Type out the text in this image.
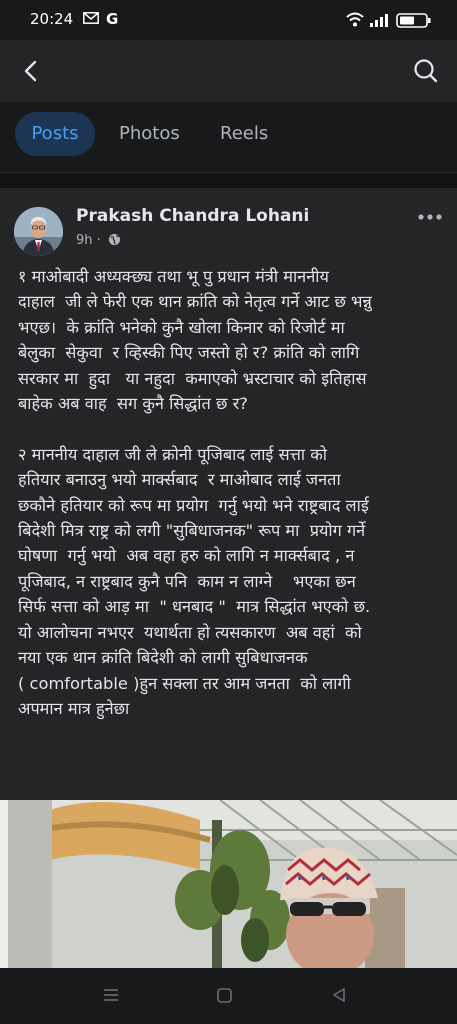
20:24 G
Posts	Photos Reels
Prakash Chandra Lohani
9h ·
१ माओबादी अध्यक्छ्य तथा भू पु प्रधान मंत्री माननीय
दाहाल  जी ले फेरी एक थान क्रांति को नेतृत्व गर्ने आट छ भन्नु
भएछ।  के क्रांति भनेको कुनै खोला किनार को रिजोर्ट मा
बेलुका  सेकुवा  र व्हिस्की पिए जस्तो हो र? क्रांति को लागि
सरकार मा  हुदा   या नहुदा  कमाएको भ्रस्टाचार को इतिहास
बाहेक अब वाह  सग कुनै सिद्धांत छ र?

२ माननीय दाहाल जी ले क्रोनी पूजिबाद लाई सत्ता को
हतियार बनाउनु भयो मार्क्सबाद  र माओबाद लाई जनता
छकौने हतियार को रूप मा प्रयोग  गर्नु भयो भने राष्ट्रबाद लाई
बिदेशी मित्र राष्ट्र को लगी "सुबिधाजनक" रूप मा  प्रयोग गर्ने
घोषणा  गर्नु भयो  अब वहा हरु को लागि न मार्क्सबाद , न
पूजिबाद, न राष्ट्रबाद कुनै पनि  काम न लाग्ने    भएका छन
सिर्फ सत्ता को आड़ मा  " धनबाद "  मात्र सिद्धांत भएको छ.
यो आलोचना नभएर  यथार्थता हो त्यसकारण  अब वहां  को
नया एक थान क्रांति बिदेशी को लागी सुबिधाजनक
( comfortable )हुन सक्ला तर आम जनता  को लागी
अपमान मात्र हुनेछा
